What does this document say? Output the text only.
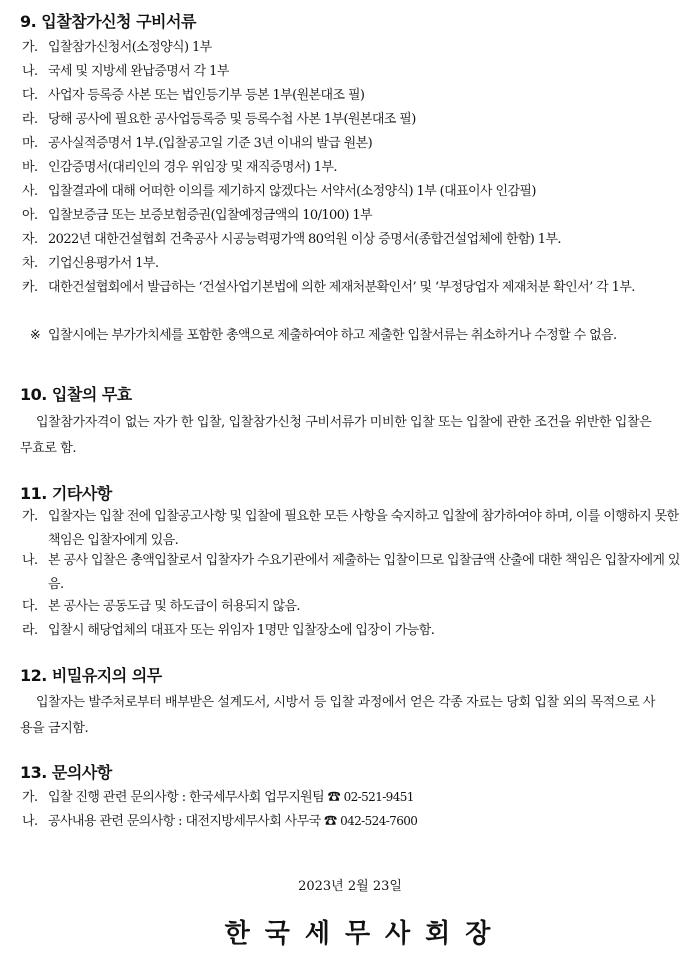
9. 입찰참가신청 구비서류
가. 입찰참가신청서(소정양식) 1부
나. 국세 및 지방세 완납증명서 각 1부
다. 사업자 등록증 사본 또는 법인등기부 등본 1부(원본대조 필)
라. 당해 공사에 필요한 공사업등록증 및 등록수첩 사본 1부(원본대조 필)
마. 공사실적증명서 1부.(입찰공고일 기준 3년 이내의 발급 원본)
바. 인감증명서(대리인의 경우 위임장 및 재직증명서) 1부.
사. 입찰결과에 대해 어떠한 이의를 제기하지 않겠다는 서약서(소정양식) 1부 (대표이사 인감필)
아. 입찰보증금 또는 보증보험증권(입찰예정금액의 10/100) 1부
자. 2022년 대한건설협회 건축공사 시공능력평가액 80억원 이상 증명서(종합건설업체에 한함) 1부.
차. 기업신용평가서 1부.
카. 대한건설협회에서 발급하는 ‘건설사업기본법에 의한 제재처분확인서’ 및 ‘부정당업자 제재처분 확인서’ 각 1부.
※ 입찰시에는 부가가치세를 포함한 총액으로 제출하여야 하고 제출한 입찰서류는 취소하거나 수정할 수 없음.
10. 입찰의 무효
입찰참가자격이 없는 자가 한 입찰, 입찰참가신청 구비서류가 미비한 입찰 또는 입찰에 관한 조건을 위반한 입찰은 무효로 함.
11. 기타사항
가. 입찰자는 입찰 전에 입찰공고사항 및 입찰에 필요한 모든 사항을 숙지하고 입찰에 참가하여야 하며, 이를 이행하지 못한 책임은 입찰자에게 있음.
나. 본 공사 입찰은 총액입찰로서 입찰자가 수요기관에서 제출하는 입찰이므로 입찰금액 산출에 대한 책임은 입찰자에게 있음.
다. 본 공사는 공동도급 및 하도급이 허용되지 않음.
라. 입찰시 해당업체의 대표자 또는 위임자 1명만 입찰장소에 입장이 가능함.
12. 비밀유지의 의무
입찰자는 발주처로부터 배부받은 설계도서, 시방서 등 입찰 과정에서 얻은 각종 자료는 당회 입찰 외의 목적으로 사용을 금지함.
13. 문의사항
가. 입찰 진행 관련 문의사항 : 한국세무사회 업무지원팀 ☎ 02-521-9451
나. 공사내용 관련 문의사항 : 대전지방세무사회 사무국 ☎ 042-524-7600
2023년 2월 23일
한국세무사회장
